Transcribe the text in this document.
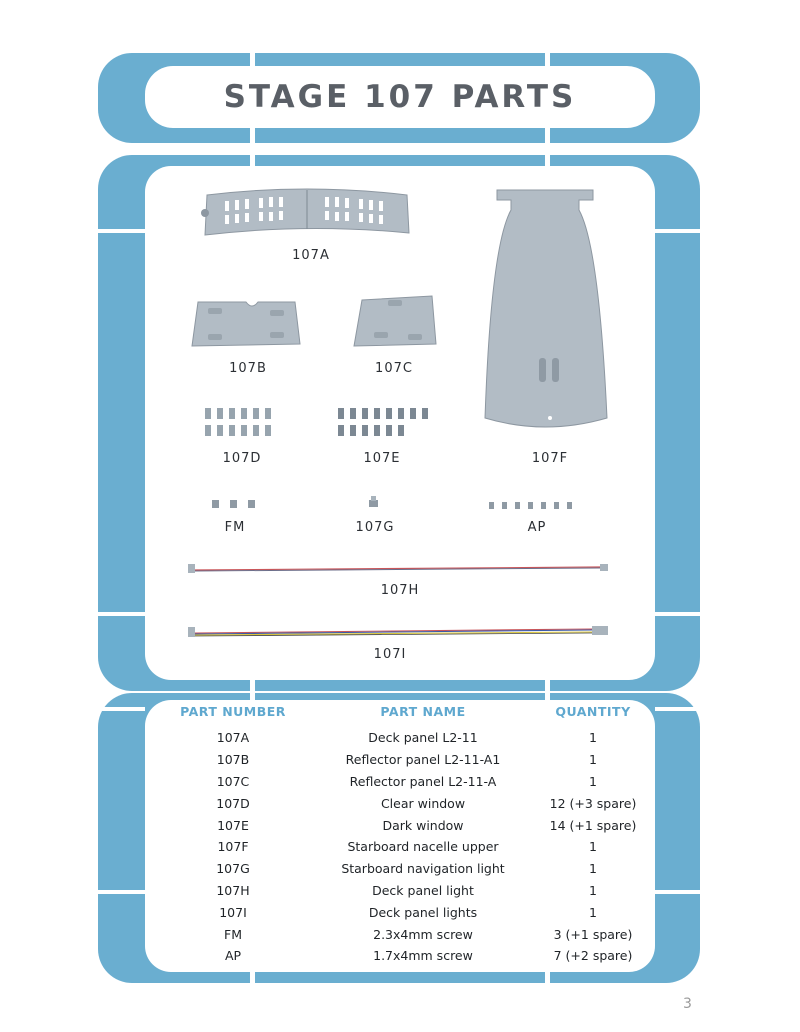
STAGE 107 PARTS
107A
107B	107C
107D	107E	107F
FM	107G	AP
107H
107I
PART NUMBER	PART NAME	QUANTITY
107A	Deck panel L2-11	1
107B	Reflector panel L2-11-A1	1
107C	Reflector panel L2-11-A	1
107D	Clear window	12 (+3 spare)
107E	Dark window	14 (+1 spare)
107F	Starboard nacelle upper	1
107G	Starboard navigation light	1
107H	Deck panel light	1
107I	Deck panel lights	1
FM	2.3x4mm screw	3 (+1 spare)
AP	1.7x4mm screw	7 (+2 spare)
3
